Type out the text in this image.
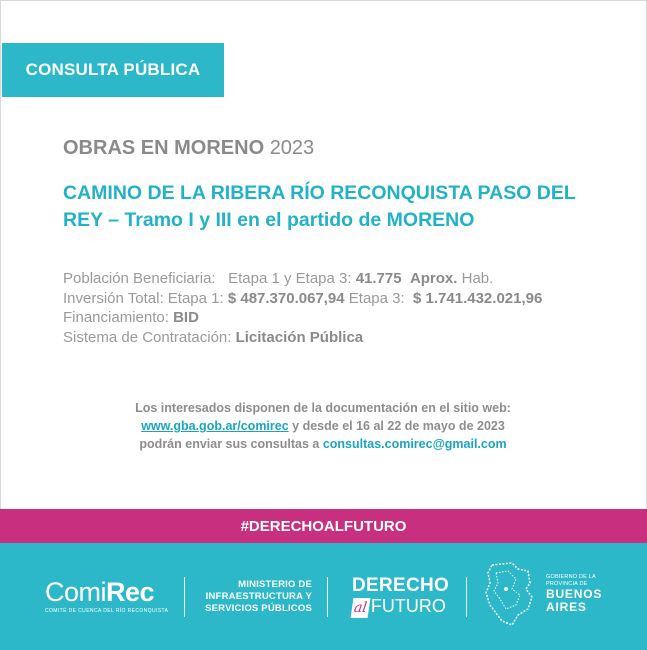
CONSULTA PÚBLICA
OBRAS EN MORENO 2023
CAMINO DE LA RIBERA RÍO RECONQUISTA PASO DEL REY – Tramo I y III en el partido de MORENO
Población Beneficiaria: Etapa 1 y Etapa 3: 41.775 Aprox. Hab.
Inversión Total: Etapa 1: $ 487.370.067,94 Etapa 3: $ 1.741.432.021,96
Financiamiento: BID
Sistema de Contratación: Licitación Pública
Los interesados disponen de la documentación en el sitio web:
www.gba.gob.ar/comirec y desde el 16 al 22 de mayo de 2023
podrán enviar sus consultas a consultas.comirec@gmail.com
#DERECHOALFUTURO
ComiRec
COMITÉ DE CUENCA DEL RÍO RECONQUISTA
MINISTERIO DE
INFRAESTRUCTURA Y
SERVICIOS PÚBLICOS
DERECHO
al FUTURO
GOBIERNO DE LA
PROVINCIA DE
BUENOS
AIRES
